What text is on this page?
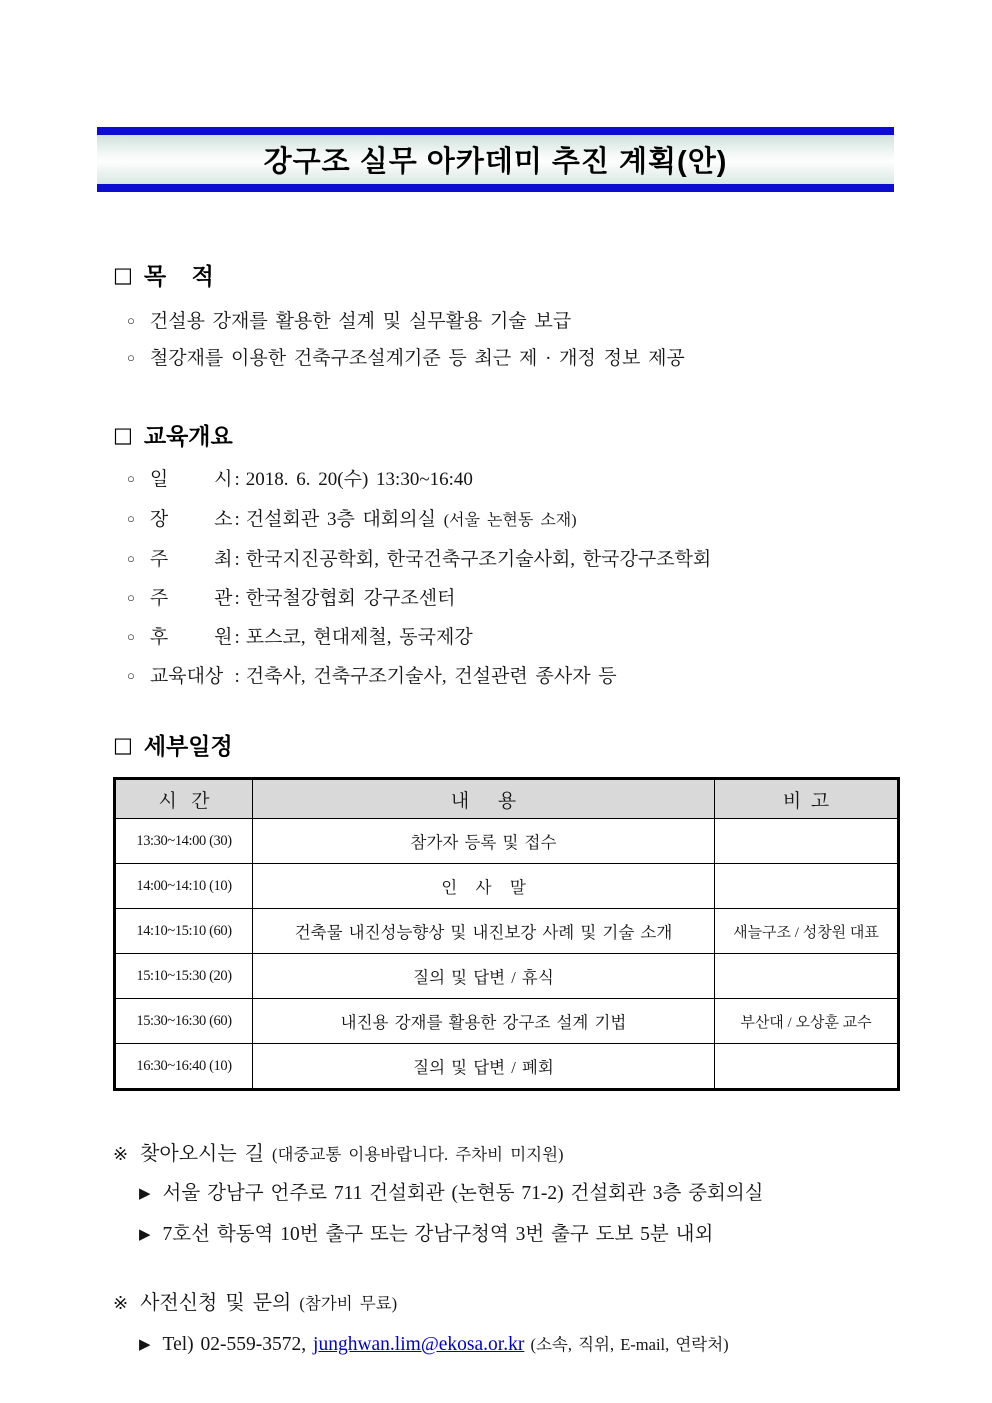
강구조 실무 아카데미 추진 계획(안)
□ 목    적
○ 건설용 강재를 활용한 설계 및 실무활용 기술 보급
○ 철강재를 이용한 건축구조설계기준 등 최근 제 · 개정 정보 제공
□ 교육개요
○ 일 시 : 2018. 6. 20(수) 13:30~16:40
○ 장 소 : 건설회관 3층 대회의실 (서울 논현동 소재)
○ 주 최 : 한국지진공학회, 한국건축구조기술사회, 한국강구조학회
○ 주 관 : 한국철강협회 강구조센터
○ 후 원 : 포스코, 현대제철, 동국제강
○ 교육대상 : 건축사, 건축구조기술사, 건설관련 종사자 등
□ 세부일정
시   간	내      용	비  고
13:30~14:00 (30)	참가자 등록 및 접수	
14:00~14:10 (10)	인   사   말	
14:10~15:10 (60)	건축물 내진성능향상 및 내진보강 사례 및 기술 소개	새늘구조 / 성창원 대표
15:10~15:30 (20)	질의 및 답변 / 휴식	
15:30~16:30 (60)	내진용 강재를 활용한 강구조 설계 기법	부산대 / 오상훈 교수
16:30~16:40 (10)	질의 및 답변 / 폐회	
※ 찾아오시는 길 (대중교통 이용바랍니다. 주차비 미지원)
▶ 서울 강남구 언주로 711 건설회관 (논현동 71-2) 건설회관 3층 중회의실
▶ 7호선 학동역 10번 출구 또는 강남구청역 3번 출구 도보 5분 내외
※ 사전신청 및 문의 (참가비 무료)
▶ Tel) 02-559-3572, junghwan.lim@ekosa.or.kr (소속, 직위, E-mail, 연락처)
